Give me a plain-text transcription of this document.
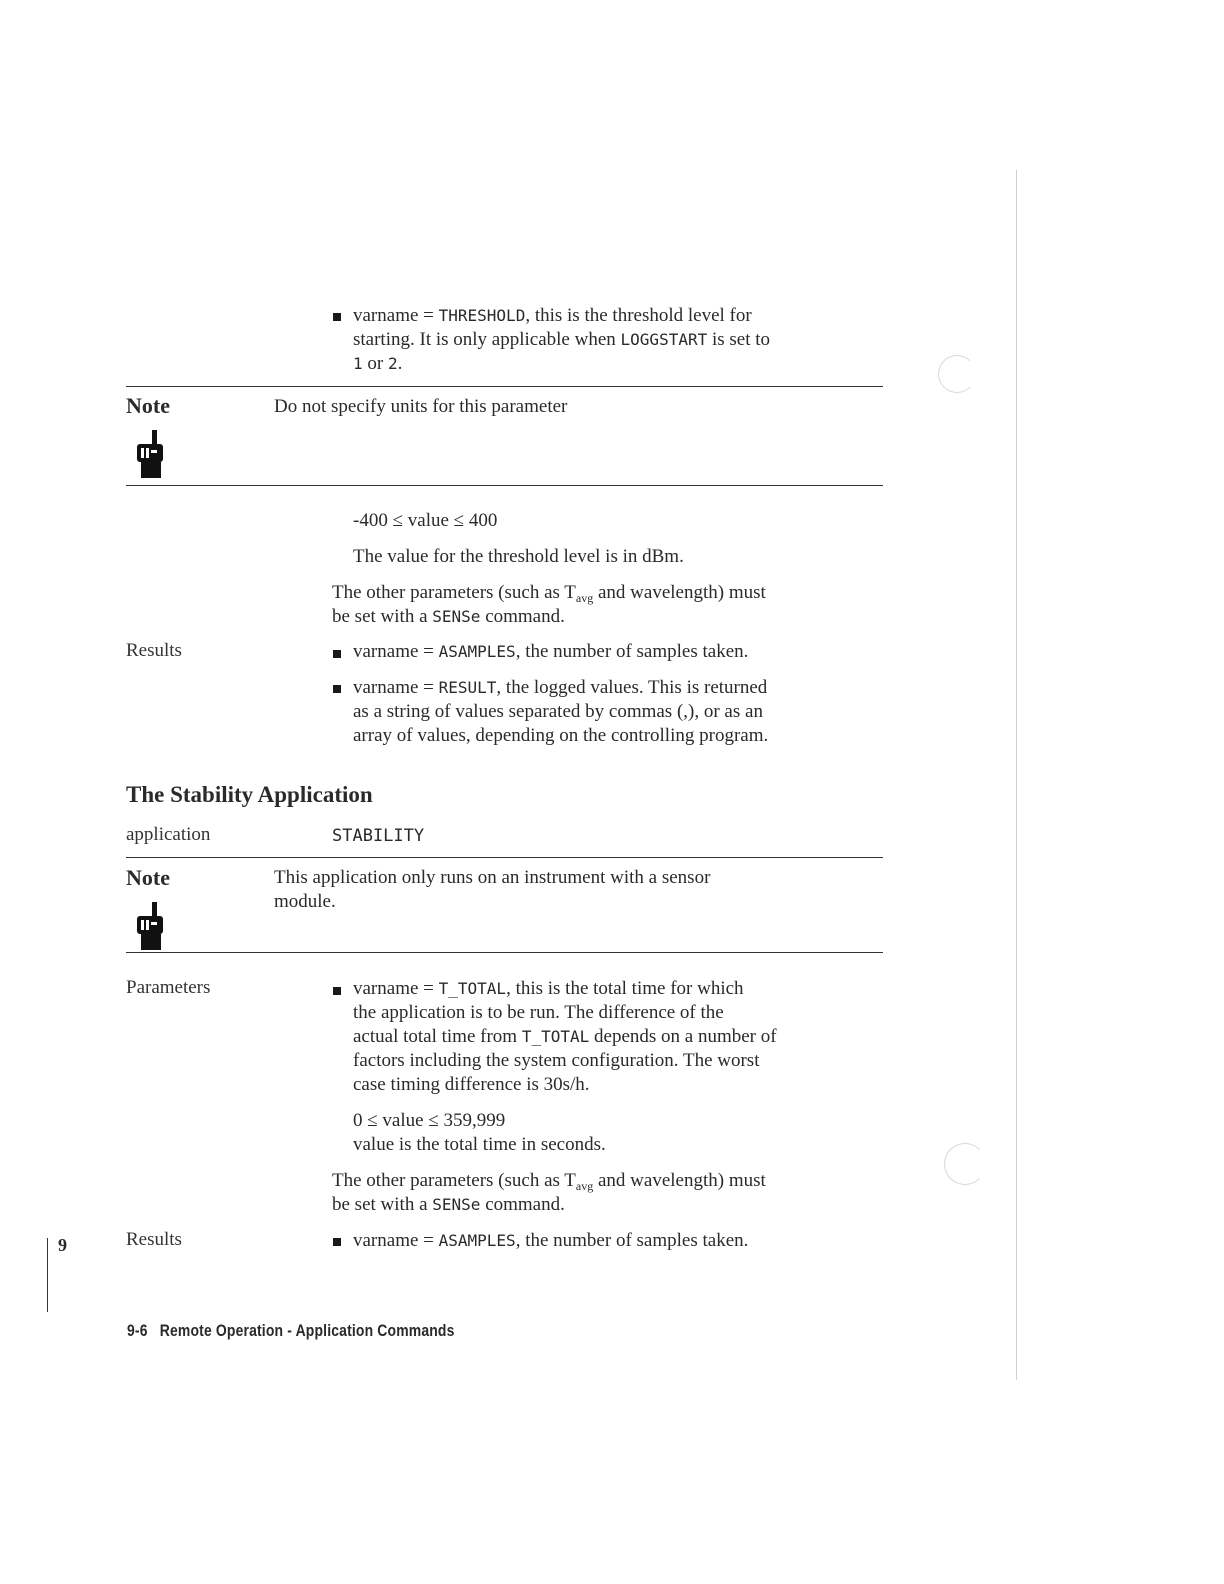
varname = THRESHOLD, this is the threshold level for
starting. It is only applicable when LOGGSTART is set to
1 or 2.
Note	Do not specify units for this parameter
-400 ≤ value ≤ 400
The value for the threshold level is in dBm.
The other parameters (such as $T_{avg}$ and wavelength) must
be set with a SENSe command.
Results	varname = ASAMPLES, the number of samples taken.
varname = RESULT, the logged values. This is returned
as a string of values separated by commas (,), or as an
array of values, depending on the controlling program.
The Stability Application
application	STABILITY
Note	This application only runs on an instrument with a sensor
module.
Parameters	varname = T_TOTAL, this is the total time for which
the application is to be run. The difference of the
actual total time from T_TOTAL depends on a number of
factors including the system configuration. The worst
case timing difference is 30s/h.
0 ≤ value ≤ 359,999
value is the total time in seconds.
The other parameters (such as $T_{avg}$ and wavelength) must
be set with a SENSe command.
Results	varname = ASAMPLES, the number of samples taken.
9
9-6   Remote Operation - Application Commands
